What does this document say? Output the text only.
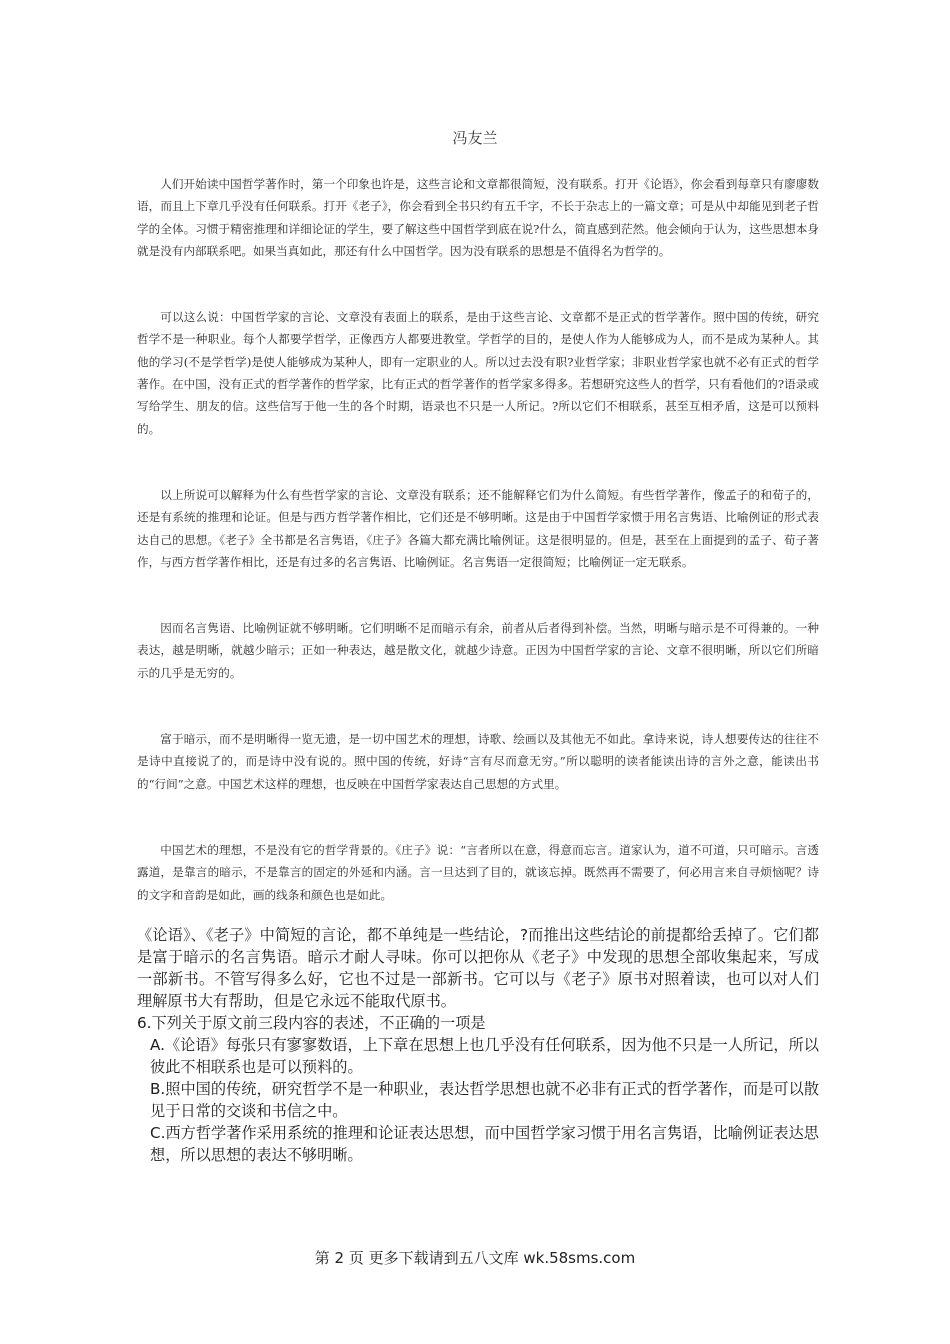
冯友兰

人们开始读中国哲学著作时，第一个印象也许是，这些言论和文章都很简短，没有联系。打开《论语》，你会看到每章只有廖廖数语，而且上下章几乎没有任何联系。打开《老子》，你会看到全书只约有五千字，不长于杂志上的一篇文章；可是从中却能见到老子哲学的全体。习惯于精密推理和详细论证的学生，要了解这些中国哲学到底在说?什么，简直感到茫然。他会倾向于认为，这些思想本身就是没有内部联系吧。如果当真如此，那还有什么中国哲学。因为没有联系的思想是不值得名为哲学的。

可以这么说：中国哲学家的言论、文章没有表面上的联系，是由于这些言论、文章都不是正式的哲学著作。照中国的传统，研究哲学不是一种职业。每个人都要学哲学，正像西方人都要进教堂。学哲学的目的，是使人作为人能够成为人，而不是成为某种人。其他的学习(不是学哲学)是使人能够成为某种人，即有一定职业的人。所以过去没有职?业哲学家；非职业哲学家也就不必有正式的哲学著作。在中国，没有正式的哲学著作的哲学家，比有正式的哲学著作的哲学家多得多。若想研究这些人的哲学，只有看他们的?语录或写给学生、朋友的信。这些信写于他一生的各个时期，语录也不只是一人所记。?所以它们不相联系，甚至互相矛盾，这是可以预料的。

以上所说可以解释为什么有些哲学家的言论、文章没有联系；还不能解释它们为什么简短。有些哲学著作，像孟子的和荀子的，还是有系统的推理和论证。但是与西方哲学著作相比，它们还是不够明晰。这是由于中国哲学家惯于用名言隽语、比喻例证的形式表达自己的思想。《老子》全书都是名言隽语，《庄子》各篇大都充满比喻例证。这是很明显的。但是，甚至在上面提到的孟子、荀子著作，与西方哲学著作相比，还是有过多的名言隽语、比喻例证。名言隽语一定很简短；比喻例证一定无联系。

因而名言隽语、比喻例证就不够明晰。它们明晰不足而暗示有余，前者从后者得到补偿。当然，明晰与暗示是不可得兼的。一种表达，越是明晰，就越少暗示；正如一种表达，越是散文化，就越少诗意。正因为中国哲学家的言论、文章不很明晰，所以它们所暗示的几乎是无穷的。

富于暗示，而不是明晰得一览无遗，是一切中国艺术的理想，诗歌、绘画以及其他无不如此。拿诗来说，诗人想要传达的往往不是诗中直接说了的，而是诗中没有说的。照中国的传统，好诗“言有尽而意无穷。”所以聪明的读者能读出诗的言外之意，能读出书的“行间”之意。中国艺术这样的理想，也反映在中国哲学家表达自己思想的方式里。

中国艺术的理想，不是没有它的哲学背景的。《庄子》说：“言者所以在意，得意而忘言。道家认为，道不可道，只可暗示。言透露道，是靠言的暗示，不是靠言的固定的外延和内涵。言一旦达到了目的，就该忘掉。既然再不需要了，何必用言来自寻烦恼呢？诗的文字和音韵是如此，画的线条和颜色也是如此。

《论语》、《老子》中简短的言论，都不单纯是一些结论，?而推出这些结论的前提都给丢掉了。它们都是富于暗示的名言隽语。暗示才耐人寻味。你可以把你从《老子》中发现的思想全部收集起来，写成一部新书。不管写得多么好，它也不过是一部新书。它可以与《老子》原书对照着读，也可以对人们理解原书大有帮助，但是它永远不能取代原书。

6.下列关于原文前三段内容的表述，不正确的一项是

A.《论语》每张只有寥寥数语，上下章在思想上也几乎没有任何联系，因为他不只是一人所记，所以彼此不相联系也是可以预料的。
B.照中国的传统，研究哲学不是一种职业，表达哲学思想也就不必非有正式的哲学著作，而是可以散见于日常的交谈和书信之中。
C.西方哲学著作采用系统的推理和论证表达思想，而中国哲学家习惯于用名言隽语，比喻例证表达思想，所以思想的表达不够明晰。
第 2 页 更多下载请到五八文库 wk.58sms.com
